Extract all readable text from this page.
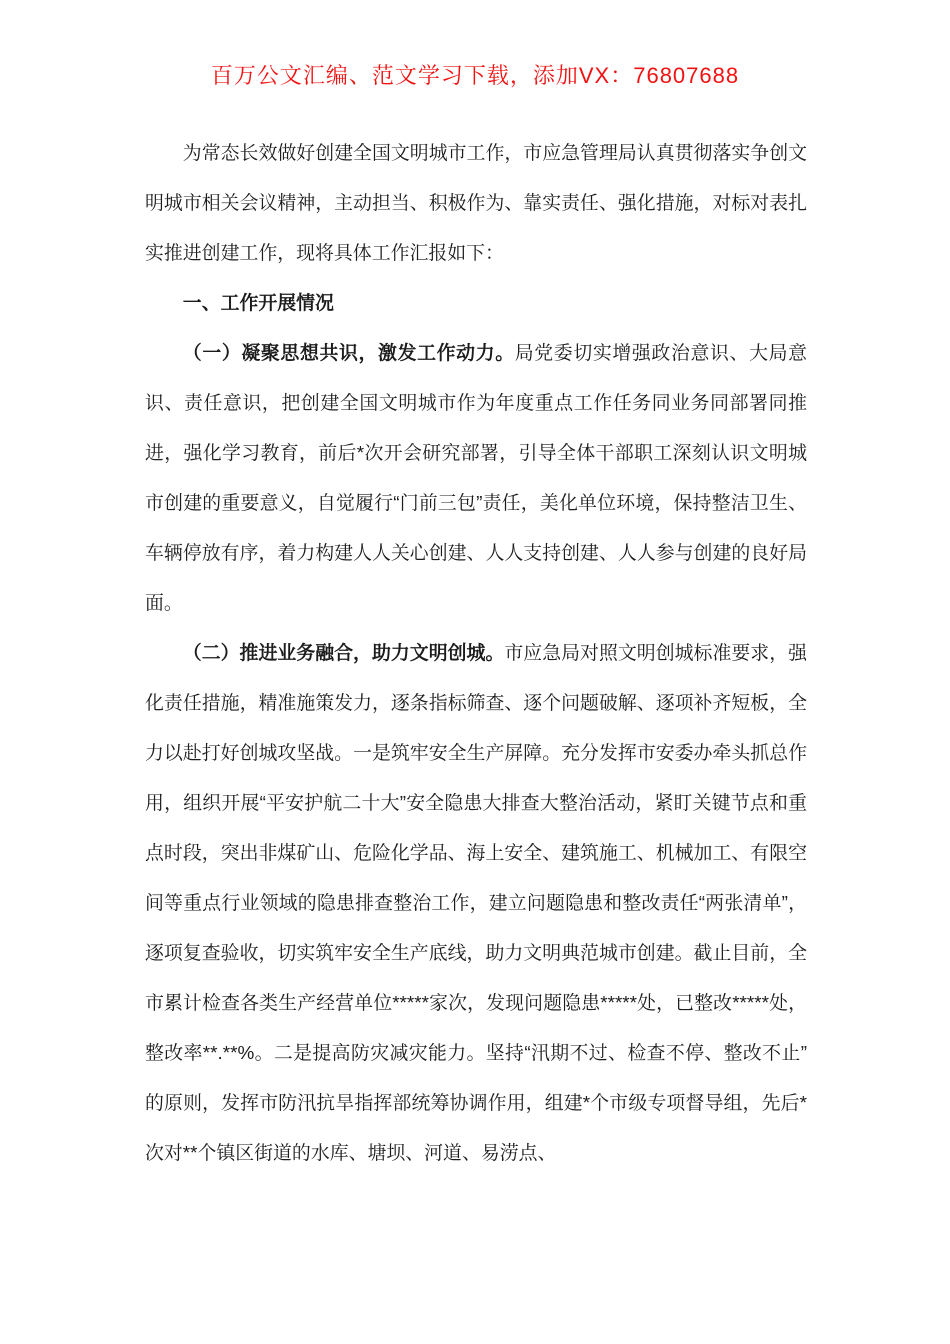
百万公文汇编、范文学习下载，添加VX：76807688

为常态长效做好创建全国文明城市工作，市应急管理局认真贯彻落实争创文明城市相关会议精神，主动担当、积极作为、靠实责任、强化措施，对标对表扎实推进创建工作，现将具体工作汇报如下：

一、工作开展情况

（一）凝聚思想共识，激发工作动力。局党委切实增强政治意识、大局意识、责任意识，把创建全国文明城市作为年度重点工作任务同业务同部署同推进，强化学习教育，前后*次开会研究部署，引导全体干部职工深刻认识文明城市创建的重要意义，自觉履行“门前三包”责任，美化单位环境，保持整洁卫生、车辆停放有序，着力构建人人关心创建、人人支持创建、人人参与创建的良好局面。

（二）推进业务融合，助力文明创城。市应急局对照文明创城标准要求，强化责任措施，精准施策发力，逐条指标筛查、逐个问题破解、逐项补齐短板，全力以赴打好创城攻坚战。一是筑牢安全生产屏障。充分发挥市安委办牵头抓总作用，组织开展“平安护航二十大”安全隐患大排查大整治活动，紧盯关键节点和重点时段，突出非煤矿山、危险化学品、海上安全、建筑施工、机械加工、有限空间等重点行业领域的隐患排查整治工作，建立问题隐患和整改责任“两张清单”，逐项复查验收，切实筑牢安全生产底线，助力文明典范城市创建。截止目前，全市累计检查各类生产经营单位*****家次，发现问题隐患*****处，已整改*****处，整改率**.**%。二是提高防灾减灾能力。坚持“汛期不过、检查不停、整改不止”的原则，发挥市防汛抗旱指挥部统筹协调作用，组建*个市级专项督导组，先后*次对**个镇区街道的水库、塘坝、河道、易涝点、
